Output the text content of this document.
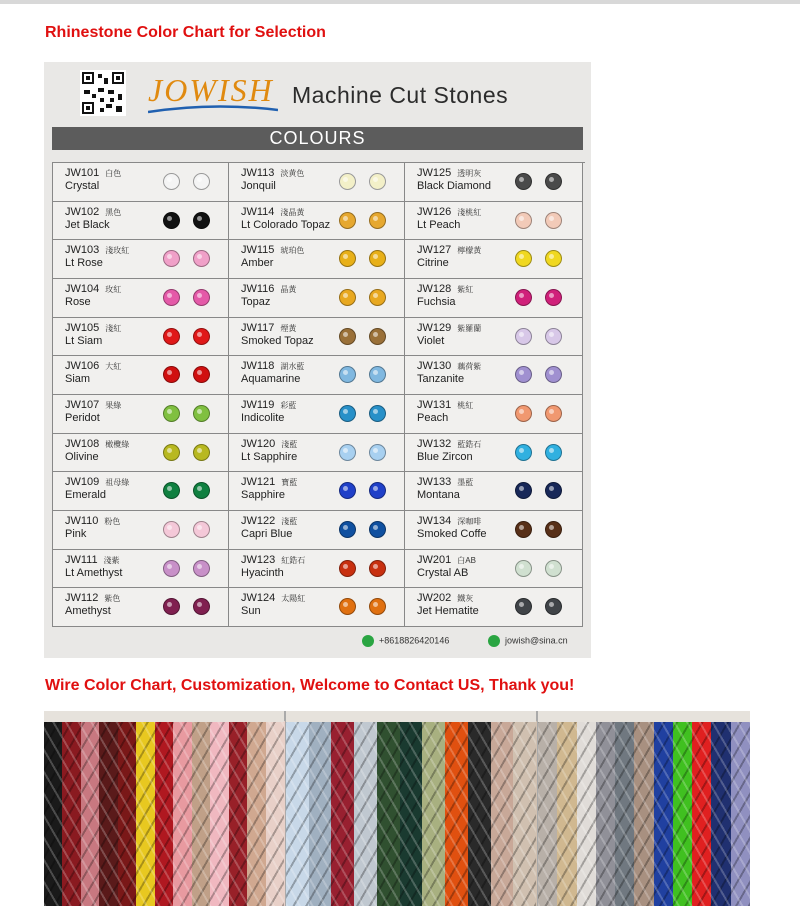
Rhinestone Color Chart for Selection
JOWISH Machine Cut Stones
COLOURS
JW101 白色
Crystal
JW113 淡黄色
Jonquil
JW125 透明灰
Black Diamond
JW102 黑色
Jet Black
JW114 淺晶黃
Lt Colorado Topaz
JW126 淺桃紅
Lt Peach
JW103 淺玫紅
Lt Rose
JW115 琥珀色
Amber
JW127 檸檬黃
Citrine
JW104 玫紅
Rose
JW116 晶黃
Topaz
JW128 紫紅
Fuchsia
JW105 淺紅
Lt Siam
JW117 煙黃
Smoked Topaz
JW129 紫羅蘭
Violet
JW106 大紅
Siam
JW118 湖水藍
Aquamarine
JW130 藕荷紫
Tanzanite
JW107 果綠
Peridot
JW119 彩藍
Indicolite
JW131 桃紅
Peach
JW108 橄欖綠
Olivine
JW120 淺藍
Lt Sapphire
JW132 藍鋯石
Blue Zircon
JW109 祖母綠
Emerald
JW121 寶藍
Sapphire
JW133 墨藍
Montana
JW110 粉色
Pink
JW122 淺藍
Capri Blue
JW134 深咖啡
Smoked Coffe
JW111 淺紫
Lt Amethyst
JW123 紅鋯石
Hyacinth
JW201 白AB
Crystal AB
JW112 紫色
Amethyst
JW124 太陽紅
Sun
JW202 鐵灰
Jet Hematite
+8618826420146	jowish@sina.cn
Wire Color Chart, Customization, Welcome to Contact US, Thank you!
